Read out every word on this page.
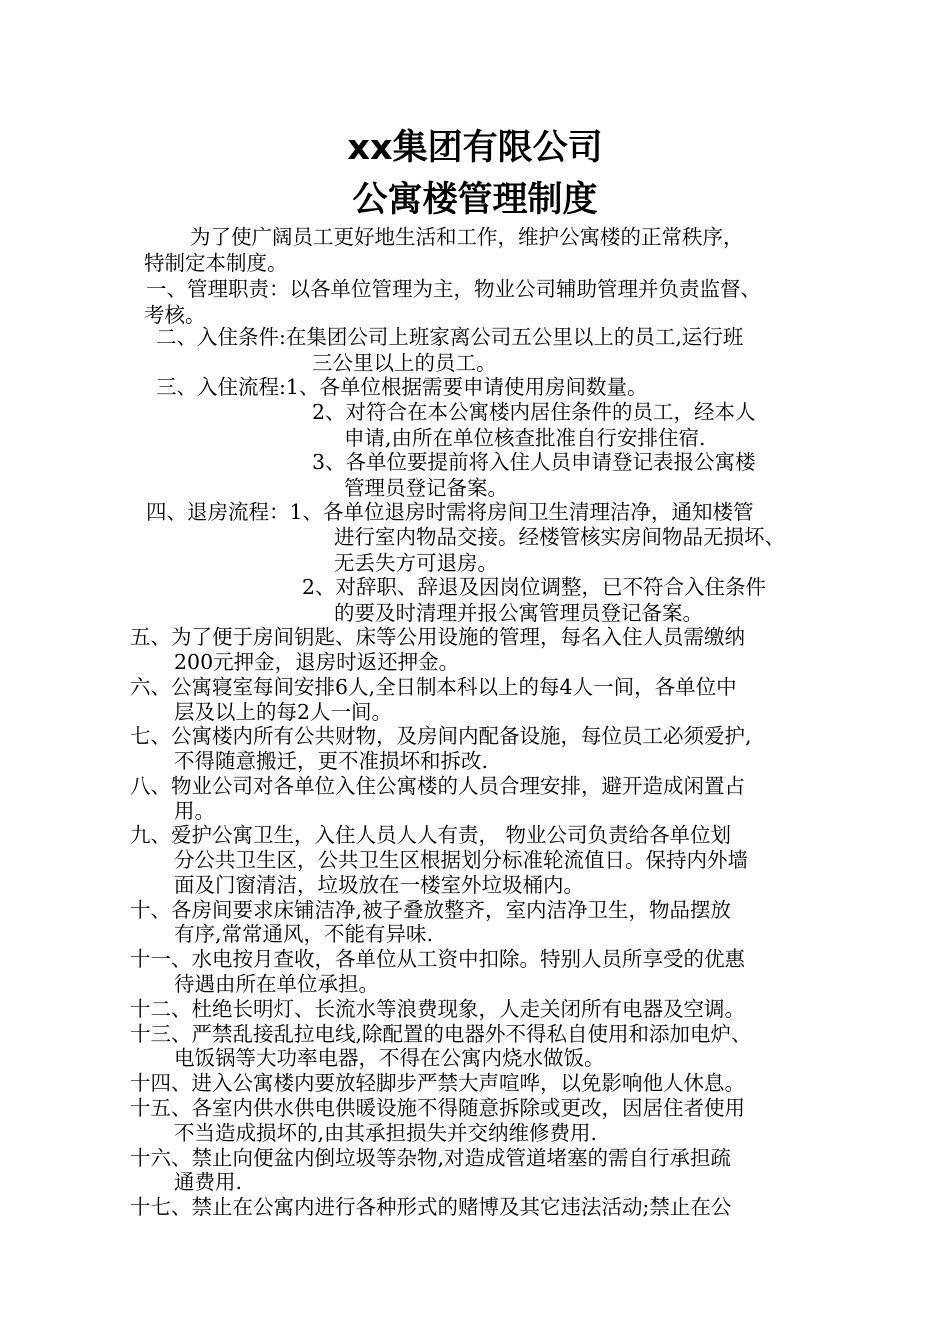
xx集团有限公司
公寓楼管理制度
为了使广阔员工更好地生活和工作，维护公寓楼的正常秩序，
特制定本制度。
一、管理职责：以各单位管理为主，物业公司辅助管理并负责监督、
考核。
二、入住条件:在集团公司上班家离公司五公里以上的员工,运行班
三公里以上的员工。
三、入住流程:1、各单位根据需要申请使用房间数量。
2、对符合在本公寓楼内居住条件的员工，经本人
申请,由所在单位核查批准自行安排住宿.
3、各单位要提前将入住人员申请登记表报公寓楼
管理员登记备案。
四、退房流程：1、各单位退房时需将房间卫生清理洁净，通知楼管
进行室内物品交接。经楼管核实房间物品无损坏、
无丢失方可退房。
2、对辞职、辞退及因岗位调整，已不符合入住条件
的要及时清理并报公寓管理员登记备案。
五、为了便于房间钥匙、床等公用设施的管理，每名入住人员需缴纳
200元押金，退房时返还押金。
六、公寓寝室每间安排6人,全日制本科以上的每4人一间，各单位中
层及以上的每2人一间。
七、公寓楼内所有公共财物，及房间内配备设施，每位员工必须爱护,
不得随意搬迁，更不准损坏和拆改.
八、物业公司对各单位入住公寓楼的人员合理安排，避开造成闲置占
用。
九、爱护公寓卫生，入住人员人人有责， 物业公司负责给各单位划
分公共卫生区，公共卫生区根据划分标准轮流值日。保持内外墙
面及门窗清洁，垃圾放在一楼室外垃圾桶内。
十、各房间要求床铺洁净,被子叠放整齐，室内洁净卫生，物品摆放
有序,常常通风，不能有异味.
十一、水电按月查收，各单位从工资中扣除。特别人员所享受的优惠
待遇由所在单位承担。
十二、杜绝长明灯、长流水等浪费现象，人走关闭所有电器及空调。
十三、严禁乱接乱拉电线,除配置的电器外不得私自使用和添加电炉、
电饭锅等大功率电器，不得在公寓内烧水做饭。
十四、进入公寓楼内要放轻脚步严禁大声喧哗，以免影响他人休息。
十五、各室内供水供电供暖设施不得随意拆除或更改，因居住者使用
不当造成损坏的,由其承担损失并交纳维修费用.
十六、禁止向便盆内倒垃圾等杂物,对造成管道堵塞的需自行承担疏
通费用.
十七、禁止在公寓内进行各种形式的赌博及其它违法活动;禁止在公
